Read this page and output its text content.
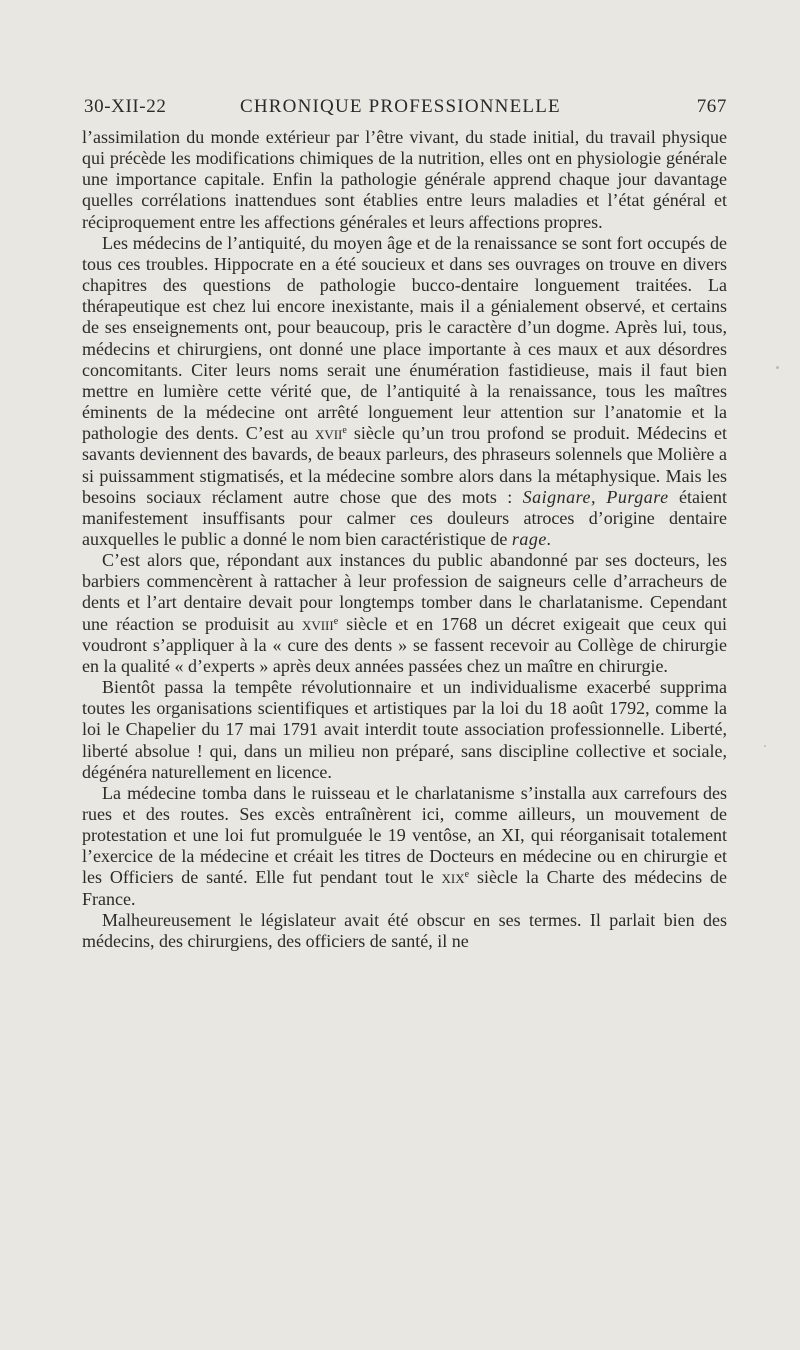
30-XII-22	CHRONIQUE PROFESSIONNELLE	767

l’assimilation du monde extérieur par l’être vivant, du stade initial, du travail physique qui précède les modifications chimiques de la nutrition, elles ont en physiologie générale une importance capitale. Enfin la pathologie générale apprend chaque jour davantage quelles corrélations inattendues sont établies entre leurs maladies et l’état général et réciproquement entre les affections générales et leurs affections propres.

Les médecins de l’antiquité, du moyen âge et de la renaissance se sont fort occupés de tous ces troubles. Hippocrate en a été soucieux et dans ses ouvrages on trouve en divers chapitres des questions de pathologie bucco-dentaire longuement traitées. La thérapeutique est chez lui encore inexistante, mais il a génialement observé, et certains de ses enseignements ont, pour beaucoup, pris le caractère d’un dogme. Après lui, tous, médecins et chirurgiens, ont donné une place importante à ces maux et aux désordres concomitants. Citer leurs noms serait une énumération fastidieuse, mais il faut bien mettre en lumière cette vérité que, de l’antiquité à la renaissance, tous les maîtres éminents de la médecine ont arrêté longuement leur attention sur l’anatomie et la pathologie des dents. C’est au xvii$^e$ siècle qu’un trou profond se produit. Médecins et savants deviennent des bavards, de beaux parleurs, des phraseurs solennels que Molière a si puissamment stigmatisés, et la médecine sombre alors dans la métaphysique. Mais les besoins sociaux réclament autre chose que des mots : Saignare, Purgare étaient manifestement insuffisants pour calmer ces douleurs atroces d’origine dentaire auxquelles le public a donné le nom bien caractéristique de rage.

C’est alors que, répondant aux instances du public abandonné par ses docteurs, les barbiers commencèrent à rattacher à leur profession de saigneurs celle d’arracheurs de dents et l’art dentaire devait pour longtemps tomber dans le charlatanisme. Cependant une réaction se produisit au xviii$^e$ siècle et en 1768 un décret exigeait que ceux qui voudront s’appliquer à la « cure des dents » se fassent recevoir au Collège de chirurgie en la qualité « d’experts » après deux années passées chez un maître en chirurgie.

Bientôt passa la tempête révolutionnaire et un individualisme exacerbé supprima toutes les organisations scientifiques et artistiques par la loi du 18 août 1792, comme la loi le Chapelier du 17 mai 1791 avait interdit toute association professionnelle. Liberté, liberté absolue ! qui, dans un milieu non préparé, sans discipline collective et sociale, dégénéra naturellement en licence.

La médecine tomba dans le ruisseau et le charlatanisme s’installa aux carrefours des rues et des routes. Ses excès entraînèrent ici, comme ailleurs, un mouvement de protestation et une loi fut promulguée le 19 ventôse, an XI, qui réorganisait totalement l’exercice de la médecine et créait les titres de Docteurs en médecine ou en chirurgie et les Officiers de santé. Elle fut pendant tout le xix$^e$ siècle la Charte des médecins de France.

Malheureusement le législateur avait été obscur en ses termes. Il parlait bien des médecins, des chirurgiens, des officiers de santé, il ne
